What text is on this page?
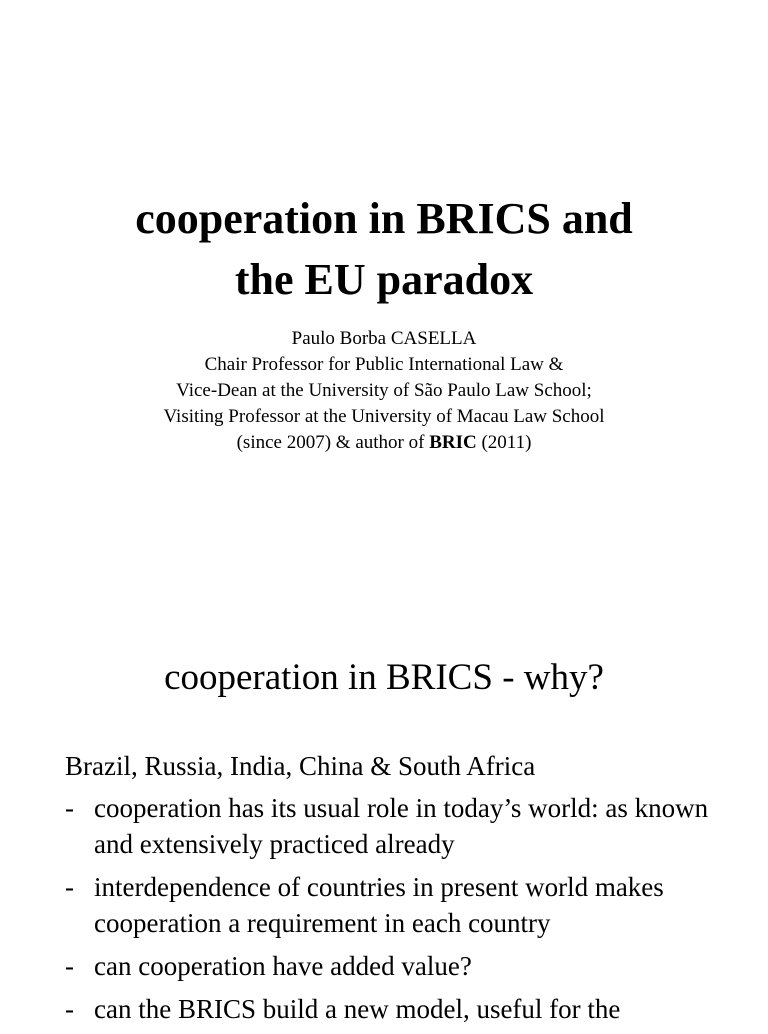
cooperation in BRICS and
the EU paradox
Paulo Borba CASELLA
Chair Professor for Public International Law &
Vice-Dean at the University of São Paulo Law School;
Visiting Professor at the University of Macau Law School
(since 2007) & author of BRIC (2011)
cooperation in BRICS - why?
Brazil, Russia, India, China & South Africa
- cooperation has its usual role in today’s world: as known and extensively practiced already
- interdependence of countries in present world makes cooperation a requirement in each country
- can cooperation have added value?
- can the BRICS build a new model, useful for the
